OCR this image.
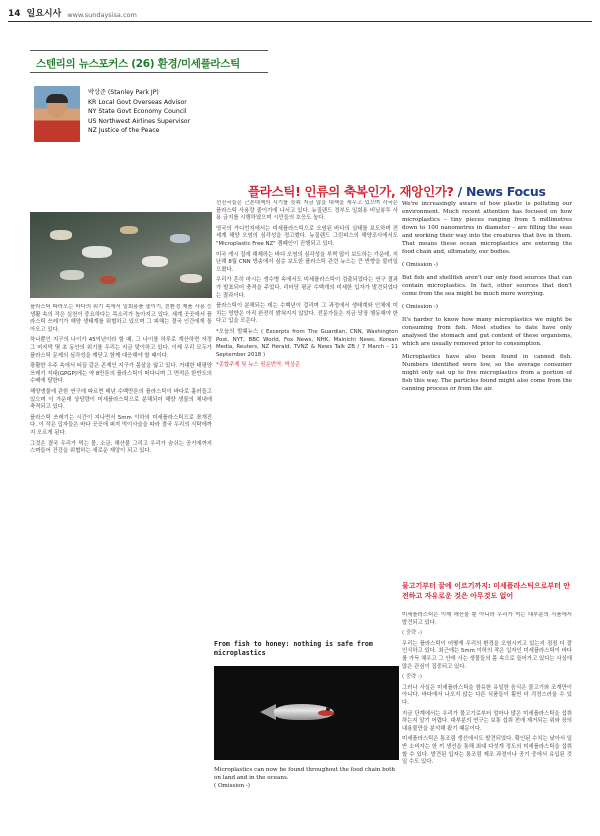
14 일요시사 www.sundaysisa.com
스텐리의 뉴스포커스 (26) 환경/미세플라스틱
박상준 (Stanley Park JP)
KR Local Govt Overseas Advisor
NY State Govt Economy Council
US Northwest Airlines Supervisor
NZ Justice of the Peace
플라스틱! 인류의 축복인가, 재앙인가? / News Focus

플라스틱 따라오는 바다의 위기 속에서 일회용품 줄이기, 친환경 제품 사용 등 생활 속의 작은 실천이 중요하다는 목소리가 높아지고 있다. 세계 곳곳에서 플라스틱 쓰레기가 해양 생태계를 위협하고 있으며 그 피해는 결국 인간에게 돌아오고 있다.

하나뿐인 지구의 나이가 45억년이라 할 때, 그 나이를 하루로 계산하면 자정 그 마지막 몇 초 동안의 위기를 우리는 지금 맞이하고 있다. 이제 우리 모두가 플라스틱 문제의 심각성을 깨닫고 함께 대응해야 할 때이다.

광활한 우주 속에서 티끌 같은 존재인 지구가 몸살을 앓고 있다. 거대한 태평양 쓰레기 지대(GPGP)에는 약 8만톤의 플라스틱이 떠다니며 그 면적은 한반도의 수배에 달한다.

해양생물에 관한 연구에 따르면 매년 수백만톤의 플라스틱이 바다로 흘러들고 있으며 이 가운데 상당량이 미세플라스틱으로 분해되어 해양 생물의 체내에 축적되고 있다.

플라스틱 쓰레기는 시간이 지나면서 5mm 이하의 미세플라스틱으로 쪼개진다. 이 작은 입자들은 바다 곳곳에 퍼져 먹이사슬을 따라 결국 우리의 식탁에까지 오르게 된다.

그것은 결국 우리가 먹는 물, 소금, 해산물 그리고 우리가 숨쉬는 공기에까지 스며들어 건강을 위협하는 새로운 재앙이 되고 있다.

선진국들은 근본대책의 시기를 늦춰 지금 않을 대책을 세우고 있으며 각국은 플라스틱 사용량 줄이기에 나서고 있다. 뉴질랜드 정부도 일회용 비닐봉투 사용 금지를 시행하였으며 시민들의 호응도 높다.

영국의 가디언지에서는 미세플라스틱으로 오염된 바다의 실태를 보도하며 전세계 해양 오염의 심각성을 경고했다. 뉴질랜드 그린피스의 해양조사에서도 "Microplastic Free NZ" 캠페인이 진행되고 있다.

미국 캐시 집에 해제하는 바다 오염의 심각성을 부쩍 많이 보도하는 가운데, 지난해 8월 CNN 방송에서 심층 보도한 플라스틱 관련 뉴스는 큰 반향을 불러일으켰다.

우리가 흔히 마시는 생수병 속에서도 미세플라스틱이 검출되었다는 연구 결과가 발표되어 충격을 주었다. 리터당 평균 수백개의 미세한 입자가 발견되었다는 결과이다.

플라스틱이 분해되는 데는 수백년이 걸리며 그 과정에서 생태계와 인체에 미치는 영향은 아직 완전히 밝혀지지 않았다. 전문가들은 지금 당장 행동해야 한다고 입을 모은다.

*오늘의 발췌뉴스 ( Excerpts from The Guardian, CNN, Washington Post, NYT, BBC World, Fox News, NHK, Mainichi News, Korean Media, Reuters, NZ Herald, TVNZ & News Talk ZB / 7 March - 11 September 2018 )

*종합주제 및 뉴스 원문번역: 박상준

We're increasingly aware of how plastic is polluting our environment. Much recent attention has focused on how microplastics – tiny pieces ranging from 5 millimetres down to 100 nanometres in diameter – are filling the seas and working their way into the creatures that live in them. That means these ocean microplastics are entering the food chain and, ultimately, our bodies.

( Omission -)

But fish and shellfish aren't our only food sources that can contain microplastics. In fact, other sources that don't come from the sea might be much more worrying.

( Omission -)

It's harder to know how many microplastics we might be consuming from fish. Most studies to date have only analysed the stomach and gut content of these organisms, which are usually removed prior to consumption.

Microplastics have also been found in canned fish. Numbers identified were low, so the average consumer might only eat up to five microplastics from a portion of fish this way. The particles found might also come from the canning process or from the air.

물고기부터 꿀에 이르기까지: 미세플라스틱으로부터 안전하고 자유로운 것은 아무것도 없어

미세플라스틱은 이제 해산물 뿐 아니라 우리가 먹는 대부분의 식품에서 발견되고 있다.

( 중략 -)

우리는 플라스틱이 어떻게 우리의 환경을 오염시키고 있는지 점점 더 잘 인식하고 있다. 최근에는 5mm 이하의 작은 입자인 미세플라스틱이 바다를 가득 채우고 그 안에 사는 생물들의 몸 속으로 들어가고 있다는 사실에 많은 관심이 집중되고 있다.

( 중략 -)

그러나 사실은 미세플라스틱을 함유한 유일한 음식은 물고기와 조개만이 아니다. 바다에서 나오지 않는 다른 식품들이 훨씬 더 걱정스러울 수 있다.

지금 단계에서는 우리가 물고기로부터 얼마나 많은 미세플라스틱을 섭취하는지 알기 어렵다. 대부분의 연구는 보통 섭취 전에 제거되는 위와 장의 내용물만을 분석해 왔기 때문이다.

미세플라스틱은 통조림 생선에서도 발견되었다. 확인된 수치는 낮아서 일반 소비자는 한 끼 생선을 통해 최대 다섯개 정도의 미세플라스틱을 섭취할 수 있다. 발견된 입자는 통조림 제조 과정이나 공기 중에서 유입된 것일 수도 있다.

From fish to honey: nothing is safe from microplastics
Microplastics can now be found throughout the food chain both on land and in the oceans.
( Omission -)
